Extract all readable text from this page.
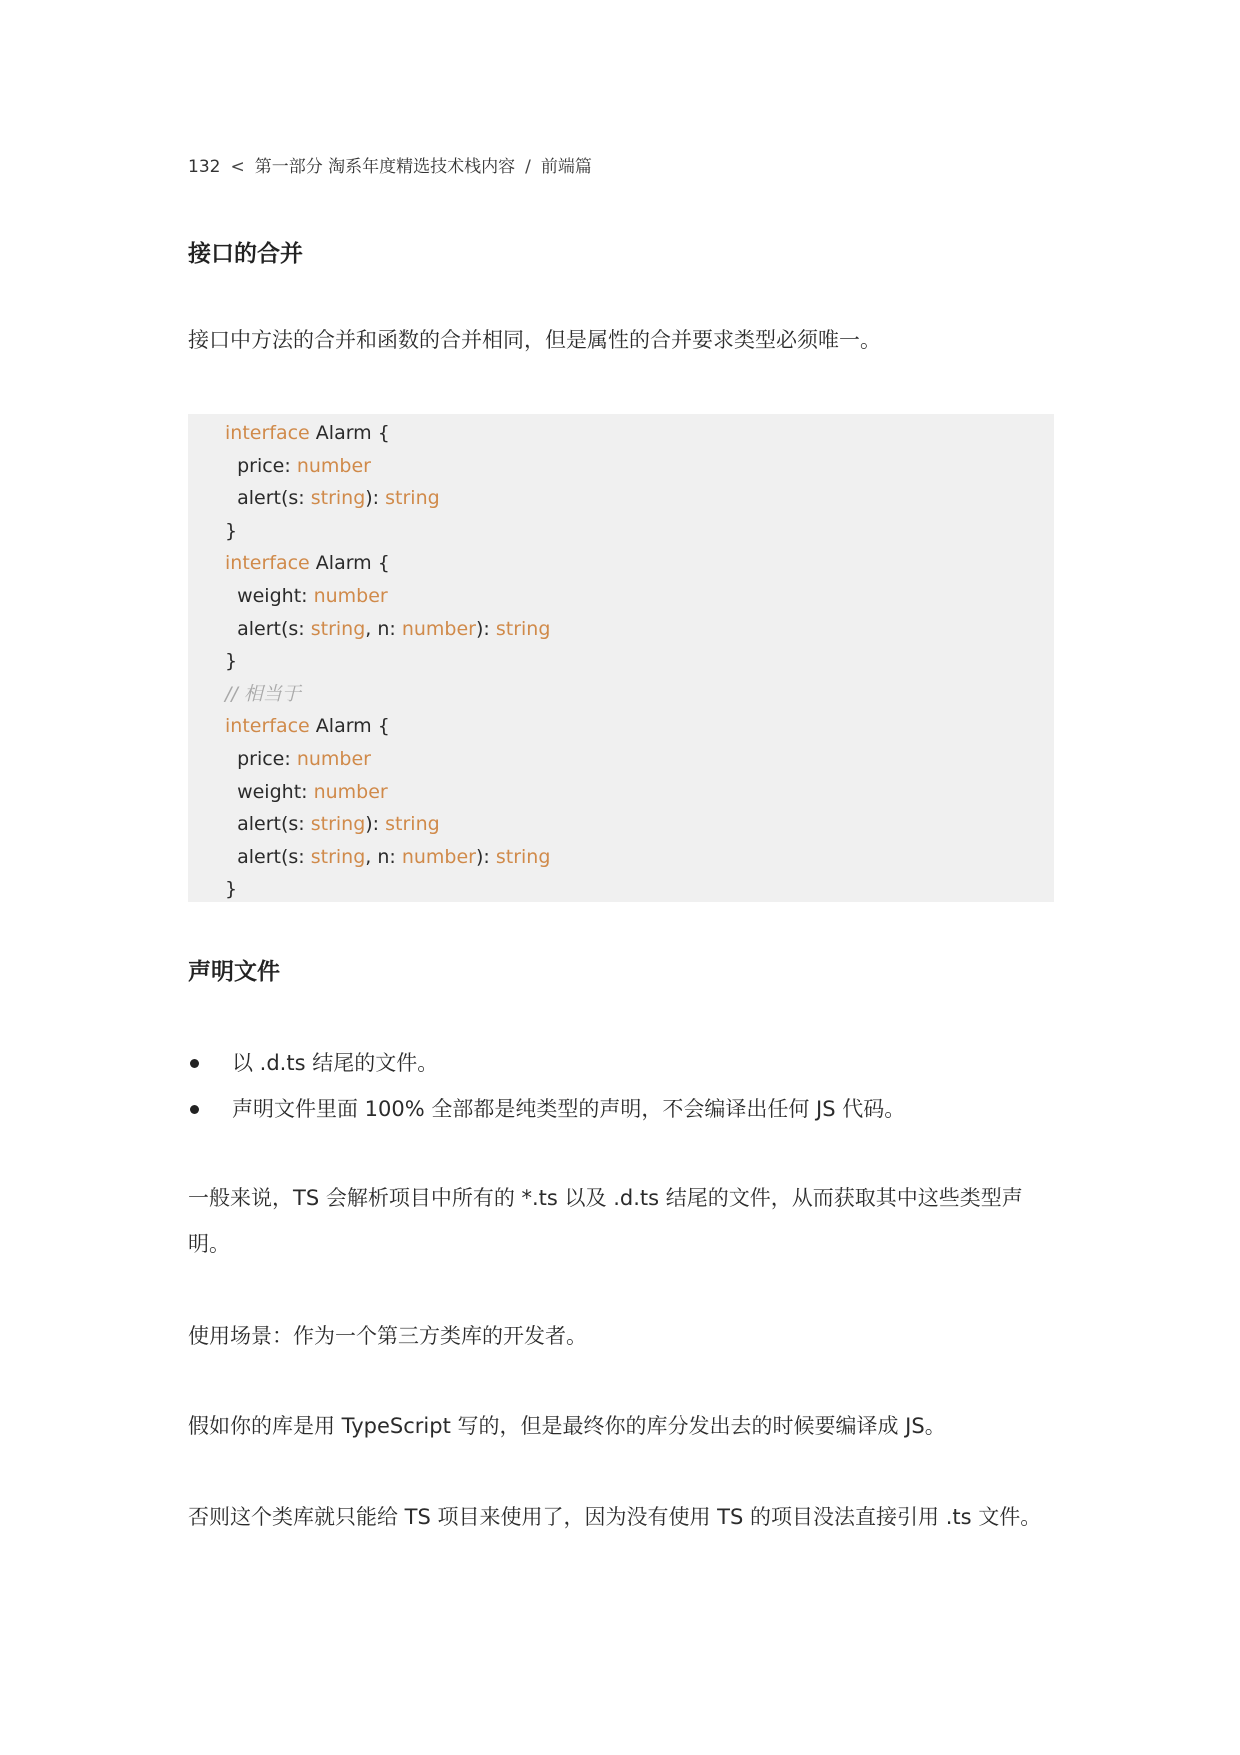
132 < 第一部分 淘系年度精选技术栈内容 / 前端篇
接口的合并
接口中方法的合并和函数的合并相同，但是属性的合并要求类型必须唯一。
interface Alarm {
price: number
alert(s: string): string
}
interface Alarm {
weight: number
alert(s: string, n: number): string
}
// 相当于
interface Alarm {
price: number
weight: number
alert(s: string): string
alert(s: string, n: number): string
}
声明文件
以 .d.ts 结尾的文件。
声明文件里面 100% 全部都是纯类型的声明，不会编译出任何 JS 代码。
一般来说，TS 会解析项目中所有的 *.ts 以及 .d.ts 结尾的文件，从而获取其中这些类型声明。
使用场景：作为一个第三方类库的开发者。
假如你的库是用 TypeScript 写的，但是最终你的库分发出去的时候要编译成 JS。
否则这个类库就只能给 TS 项目来使用了，因为没有使用 TS 的项目没法直接引用 .ts 文件。
